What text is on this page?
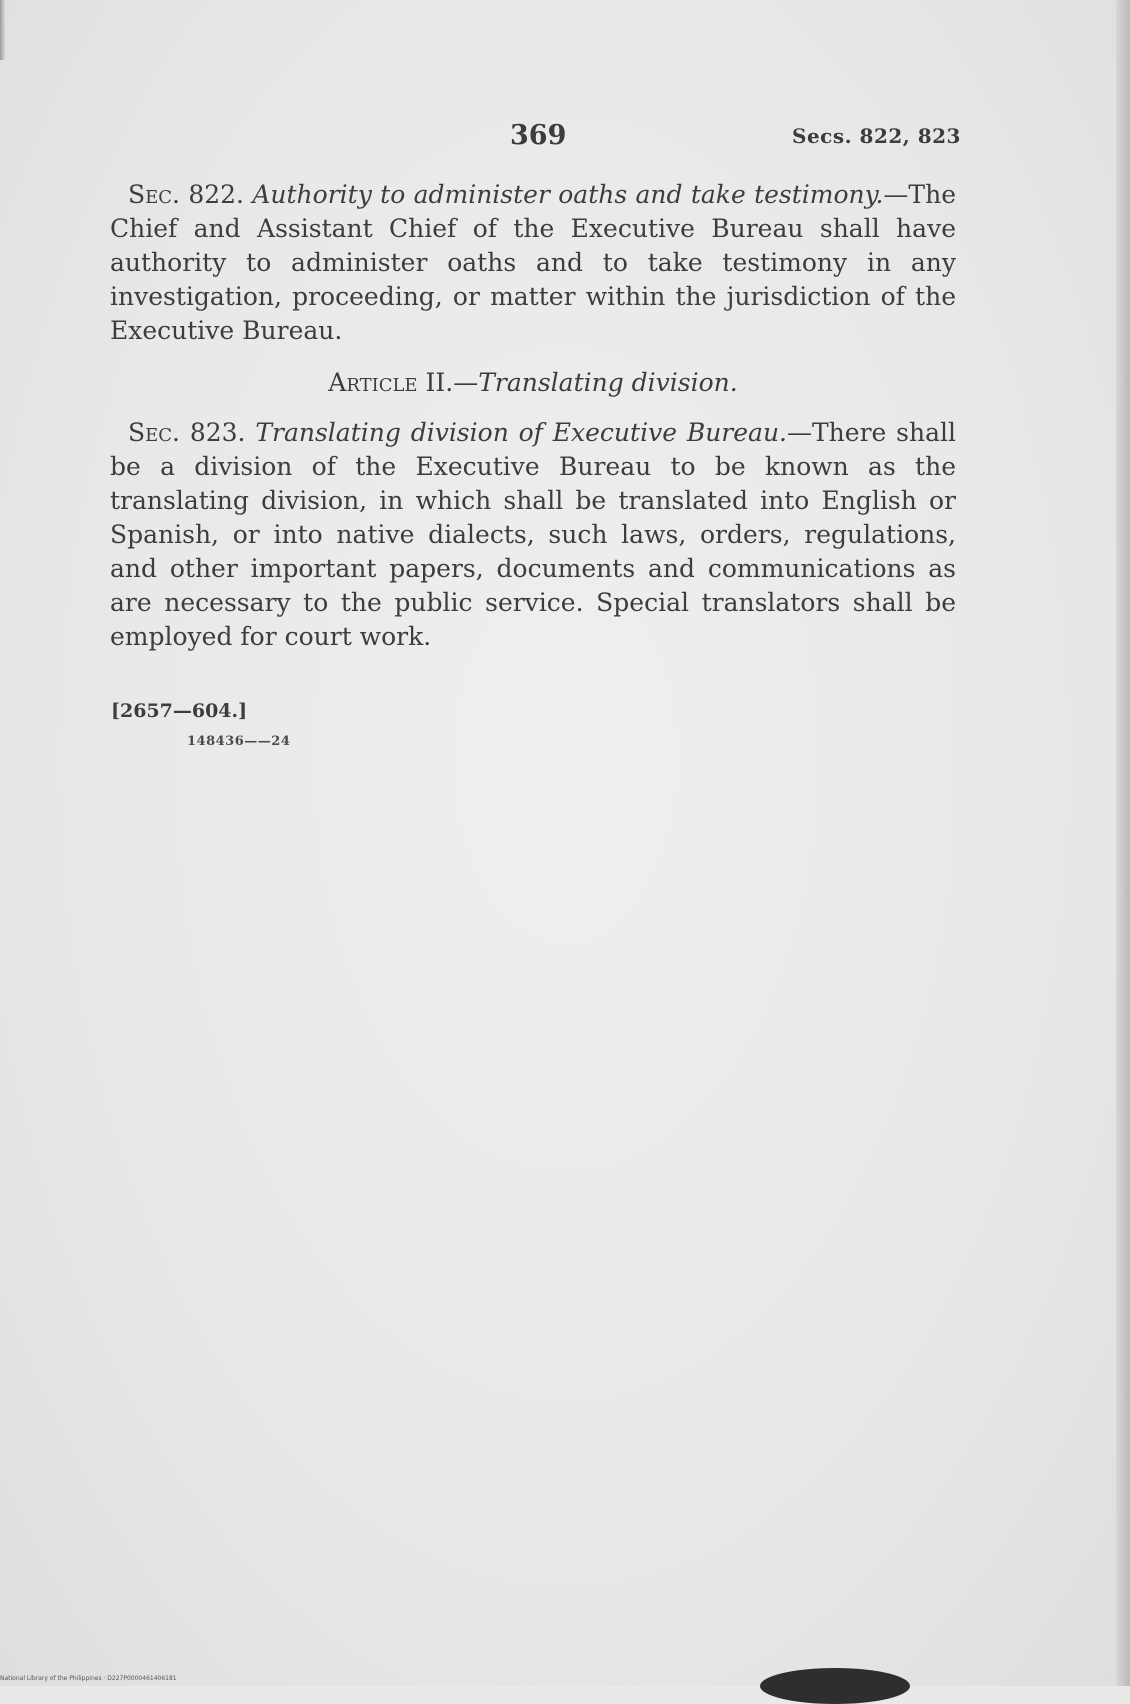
369	Secs. 822, 823

Sec. 822. Authority to administer oaths and take testimony.—The Chief and Assistant Chief of the Executive Bureau shall have authority to administer oaths and to take testimony in any investigation, proceeding, or matter within the jurisdiction of the Executive Bureau.

Article II.—Translating division.

Sec. 823. Translating division of Executive Bureau.—There shall be a division of the Executive Bureau to be known as the translating division, in which shall be translated into English or Spanish, or into native dialects, such laws, orders, regulations, and other important papers, documents and communications as are necessary to the public service. Special translators shall be employed for court work.

[2657—604.]
148436——24
National Library of the Philippines · D227P0000461406181
